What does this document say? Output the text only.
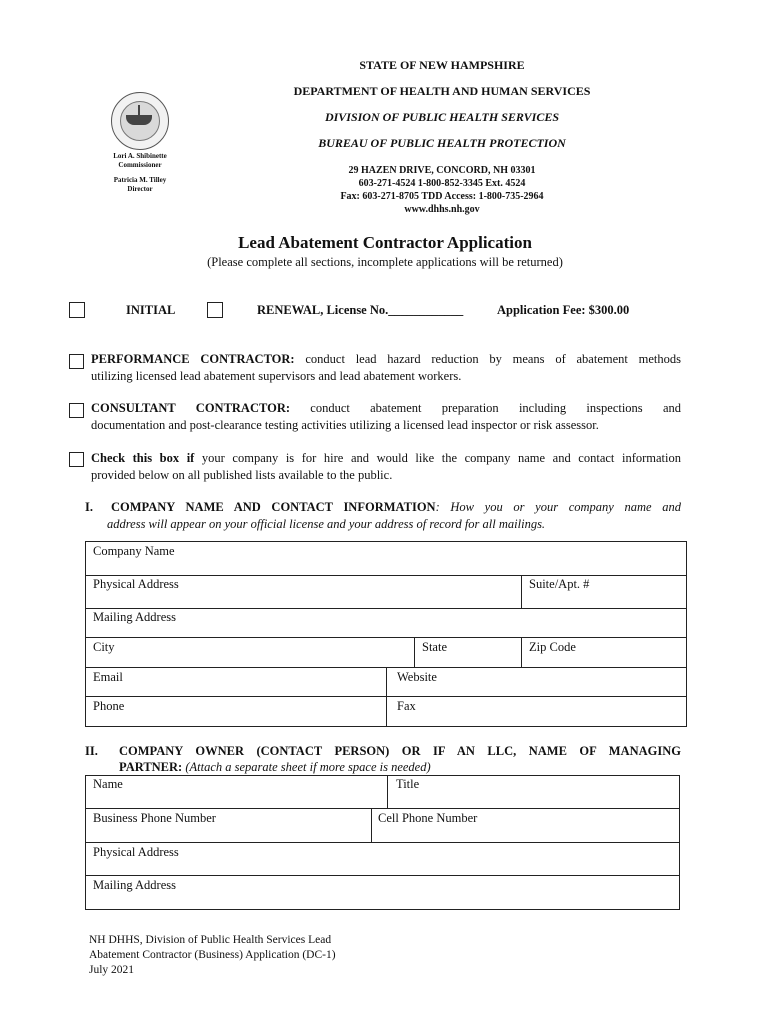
Lori A. Shibinette
Commissioner
Patricia M. Tilley
Director
STATE OF NEW HAMPSHIRE
DEPARTMENT OF HEALTH AND HUMAN SERVICES
DIVISION OF PUBLIC HEALTH SERVICES
BUREAU OF PUBLIC HEALTH PROTECTION
29 HAZEN DRIVE, CONCORD, NH 03301
603-271-4524 1-800-852-3345 Ext. 4524
Fax: 603-271-8705 TDD Access: 1-800-735-2964
www.dhhs.nh.gov
Lead Abatement Contractor Application
(Please complete all sections, incomplete applications will be returned)
INITIAL	RENEWAL, License No.____________	Application Fee: $300.00
PERFORMANCE CONTRACTOR: conduct lead hazard reduction by means of abatement methods
utilizing licensed lead abatement supervisors and lead abatement workers.
CONSULTANT CONTRACTOR: conduct abatement preparation including inspections and
documentation and post-clearance testing activities utilizing a licensed lead inspector or risk assessor.
Check this box if your company is for hire and would like the company name and contact information
provided below on all published lists available to the public.
I. COMPANY NAME AND CONTACT INFORMATION: How you or your company name and
address will appear on your official license and your address of record for all mailings.
Company Name
Physical Address	Suite/Apt. #
Mailing Address
City	State	Zip Code
Email	Website
Phone	Fax
II. COMPANY OWNER (CONTACT PERSON) OR IF AN LLC, NAME OF MANAGING
PARTNER: (Attach a separate sheet if more space is needed)
Name	Title
Business Phone Number	Cell Phone Number
Physical Address
Mailing Address
NH DHHS, Division of Public Health Services Lead
Abatement Contractor (Business) Application (DC-1)
July 2021
